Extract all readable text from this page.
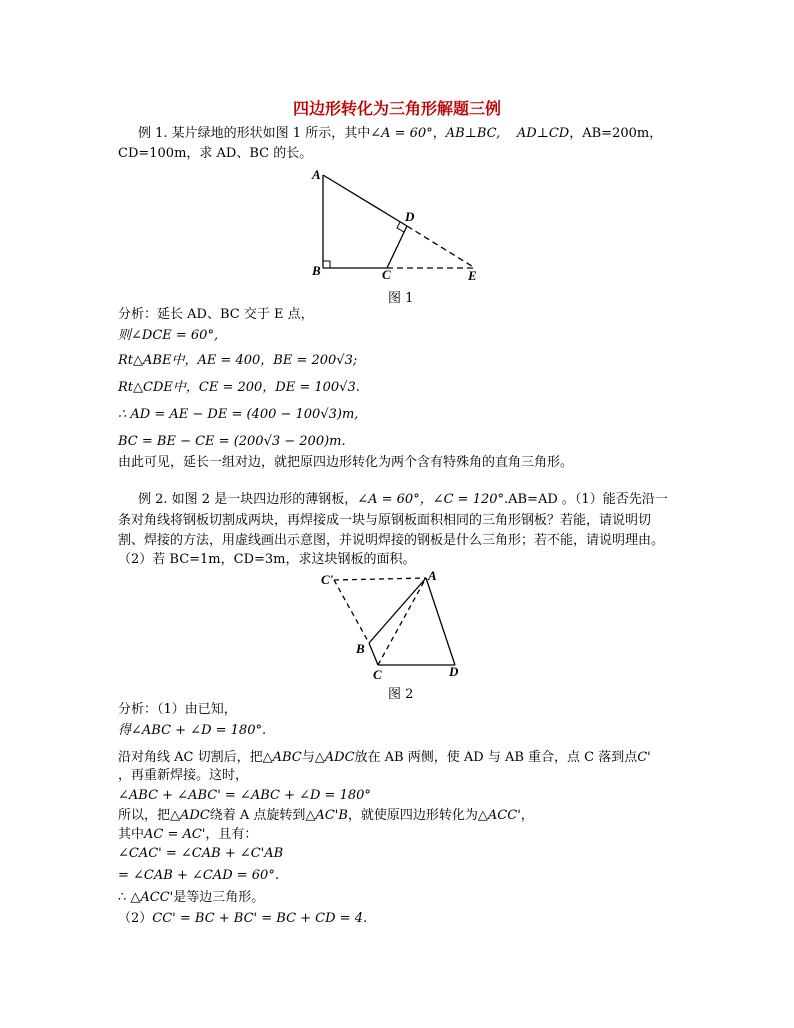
四边形转化为三角形解题三例
例 1. 某片绿地的形状如图 1 所示，其中∠A = 60°，AB⊥BC, AD⊥CD，AB=200m，
CD=100m，求 AD、BC 的长。
A
B	C
D
E
图 1
分析：延长 AD、BC 交于 E 点，
则∠DCE = 60°,
Rt△ABE中，AE = 400，BE = 200√3;
Rt△CDE中，CE = 200，DE = 100√3.
∴ AD = AE − DE = (400 − 100√3)m,
BC = BE − CE = (200√3 − 200)m.
由此可见，延长一组对边，就把原四边形转化为两个含有特殊角的直角三角形。
例 2. 如图 2 是一块四边形的薄钢板，∠A = 60°，∠C = 120°.AB=AD 。（1）能否先沿一
条对角线将钢板切割成两块，再焊接成一块与原钢板面积相同的三角形钢板？若能，请说明切
割、焊接的方法，用虚线画出示意图，并说明焊接的钢板是什么三角形；若不能，请说明理由。
（2）若 BC=1m，CD=3m，求这块钢板的面积。
C'	A
B
C	D
图 2
分析：（1）由已知，
得∠ABC + ∠D = 180°.
沿对角线 AC 切割后，把△ABC与△ADC放在 AB 两侧，使 AD 与 AB 重合，点 C 落到点C'
，再重新焊接。这时，
∠ABC + ∠ABC' = ∠ABC + ∠D = 180°
所以，把△ADC绕着 A 点旋转到△AC'B，就使原四边形转化为△ACC'，
其中AC = AC'，且有：
∠CAC' = ∠CAB + ∠C'AB
= ∠CAB + ∠CAD = 60°.
∴ △ACC'是等边三角形。
（2）CC' = BC + BC' = BC + CD = 4.
